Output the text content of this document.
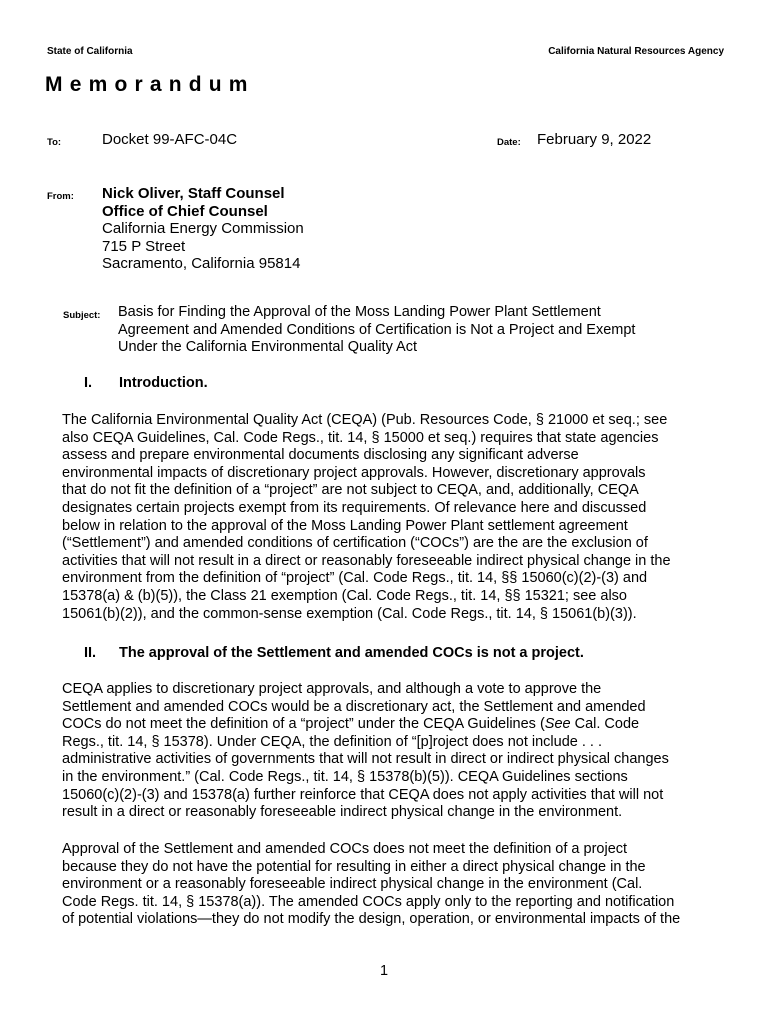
State of California	California Natural Resources Agency
Memorandum
To:	Docket 99-AFC-04C	Date: February 9, 2022
From: Nick Oliver, Staff Counsel
Office of Chief Counsel
California Energy Commission
715 P Street
Sacramento, California 95814
Subject: Basis for Finding the Approval of the Moss Landing Power Plant Settlement
Agreement and Amended Conditions of Certification is Not a Project and Exempt
Under the California Environmental Quality Act
I. Introduction.
The California Environmental Quality Act (CEQA) (Pub. Resources Code, § 21000 et seq.; see
also CEQA Guidelines, Cal. Code Regs., tit. 14, § 15000 et seq.) requires that state agencies
assess and prepare environmental documents disclosing any significant adverse
environmental impacts of discretionary project approvals. However, discretionary approvals
that do not fit the definition of a “project” are not subject to CEQA, and, additionally, CEQA
designates certain projects exempt from its requirements. Of relevance here and discussed
below in relation to the approval of the Moss Landing Power Plant settlement agreement
(“Settlement”) and amended conditions of certification (“COCs”) are the are the exclusion of
activities that will not result in a direct or reasonably foreseeable indirect physical change in the
environment from the definition of “project” (Cal. Code Regs., tit. 14, §§ 15060(c)(2)-(3) and
15378(a) & (b)(5)), the Class 21 exemption (Cal. Code Regs., tit. 14, §§ 15321; see also
15061(b)(2)), and the common-sense exemption (Cal. Code Regs., tit. 14, § 15061(b)(3)).
II. The approval of the Settlement and amended COCs is not a project.
CEQA applies to discretionary project approvals, and although a vote to approve the
Settlement and amended COCs would be a discretionary act, the Settlement and amended
COCs do not meet the definition of a “project” under the CEQA Guidelines (See Cal. Code
Regs., tit. 14, § 15378). Under CEQA, the definition of “[p]roject does not include . . .
administrative activities of governments that will not result in direct or indirect physical changes
in the environment.” (Cal. Code Regs., tit. 14, § 15378(b)(5)). CEQA Guidelines sections
15060(c)(2)-(3) and 15378(a) further reinforce that CEQA does not apply activities that will not
result in a direct or reasonably foreseeable indirect physical change in the environment.
Approval of the Settlement and amended COCs does not meet the definition of a project
because they do not have the potential for resulting in either a direct physical change in the
environment or a reasonably foreseeable indirect physical change in the environment (Cal.
Code Regs. tit. 14, § 15378(a)). The amended COCs apply only to the reporting and notification
of potential violations—they do not modify the design, operation, or environmental impacts of the
1
